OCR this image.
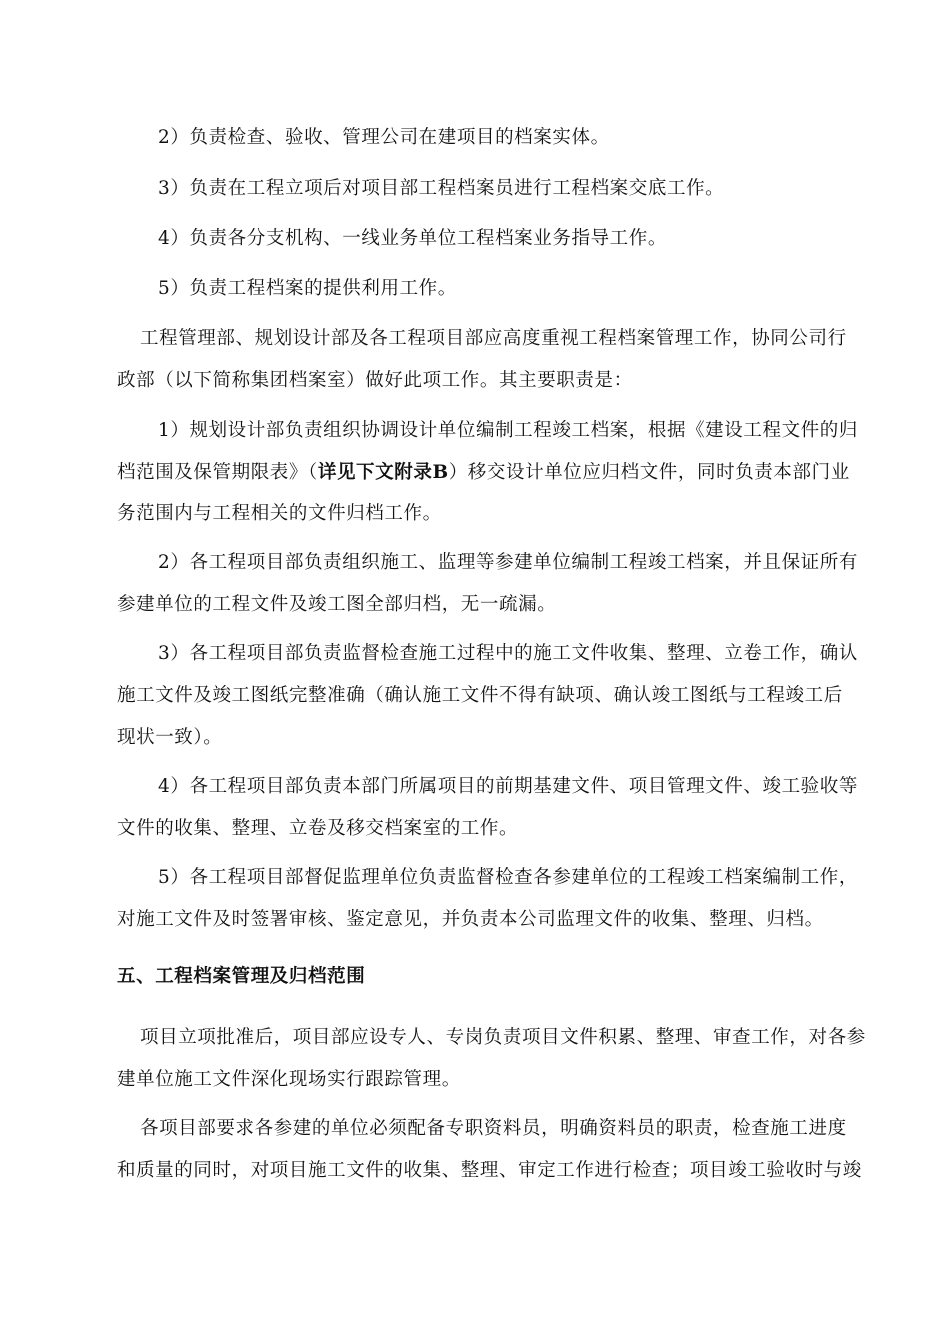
2）负责检查、验收、管理公司在建项目的档案实体。
3）负责在工程立项后对项目部工程档案员进行工程档案交底工作。
4）负责各分支机构、一线业务单位工程档案业务指导工作。
5）负责工程档案的提供利用工作。
工程管理部、规划设计部及各工程项目部应高度重视工程档案管理工作，协同公司行
政部（以下简称集团档案室）做好此项工作。其主要职责是：
1）规划设计部负责组织协调设计单位编制工程竣工档案，根据《建设工程文件的归
档范围及保管期限表》（详见下文附录B）移交设计单位应归档文件，同时负责本部门业
务范围内与工程相关的文件归档工作。
2）各工程项目部负责组织施工、监理等参建单位编制工程竣工档案，并且保证所有
参建单位的工程文件及竣工图全部归档，无一疏漏。
3）各工程项目部负责监督检查施工过程中的施工文件收集、整理、立卷工作，确认
施工文件及竣工图纸完整准确（确认施工文件不得有缺项、确认竣工图纸与工程竣工后
现状一致）。
4）各工程项目部负责本部门所属项目的前期基建文件、项目管理文件、竣工验收等
文件的收集、整理、立卷及移交档案室的工作。
5）各工程项目部督促监理单位负责监督检查各参建单位的工程竣工档案编制工作，
对施工文件及时签署审核、鉴定意见，并负责本公司监理文件的收集、整理、归档。
五、工程档案管理及归档范围
项目立项批准后，项目部应设专人、专岗负责项目文件积累、整理、审查工作，对各参
建单位施工文件深化现场实行跟踪管理。
各项目部要求各参建的单位必须配备专职资料员，明确资料员的职责，检查施工进度
和质量的同时，对项目施工文件的收集、整理、审定工作进行检查；项目竣工验收时与竣
